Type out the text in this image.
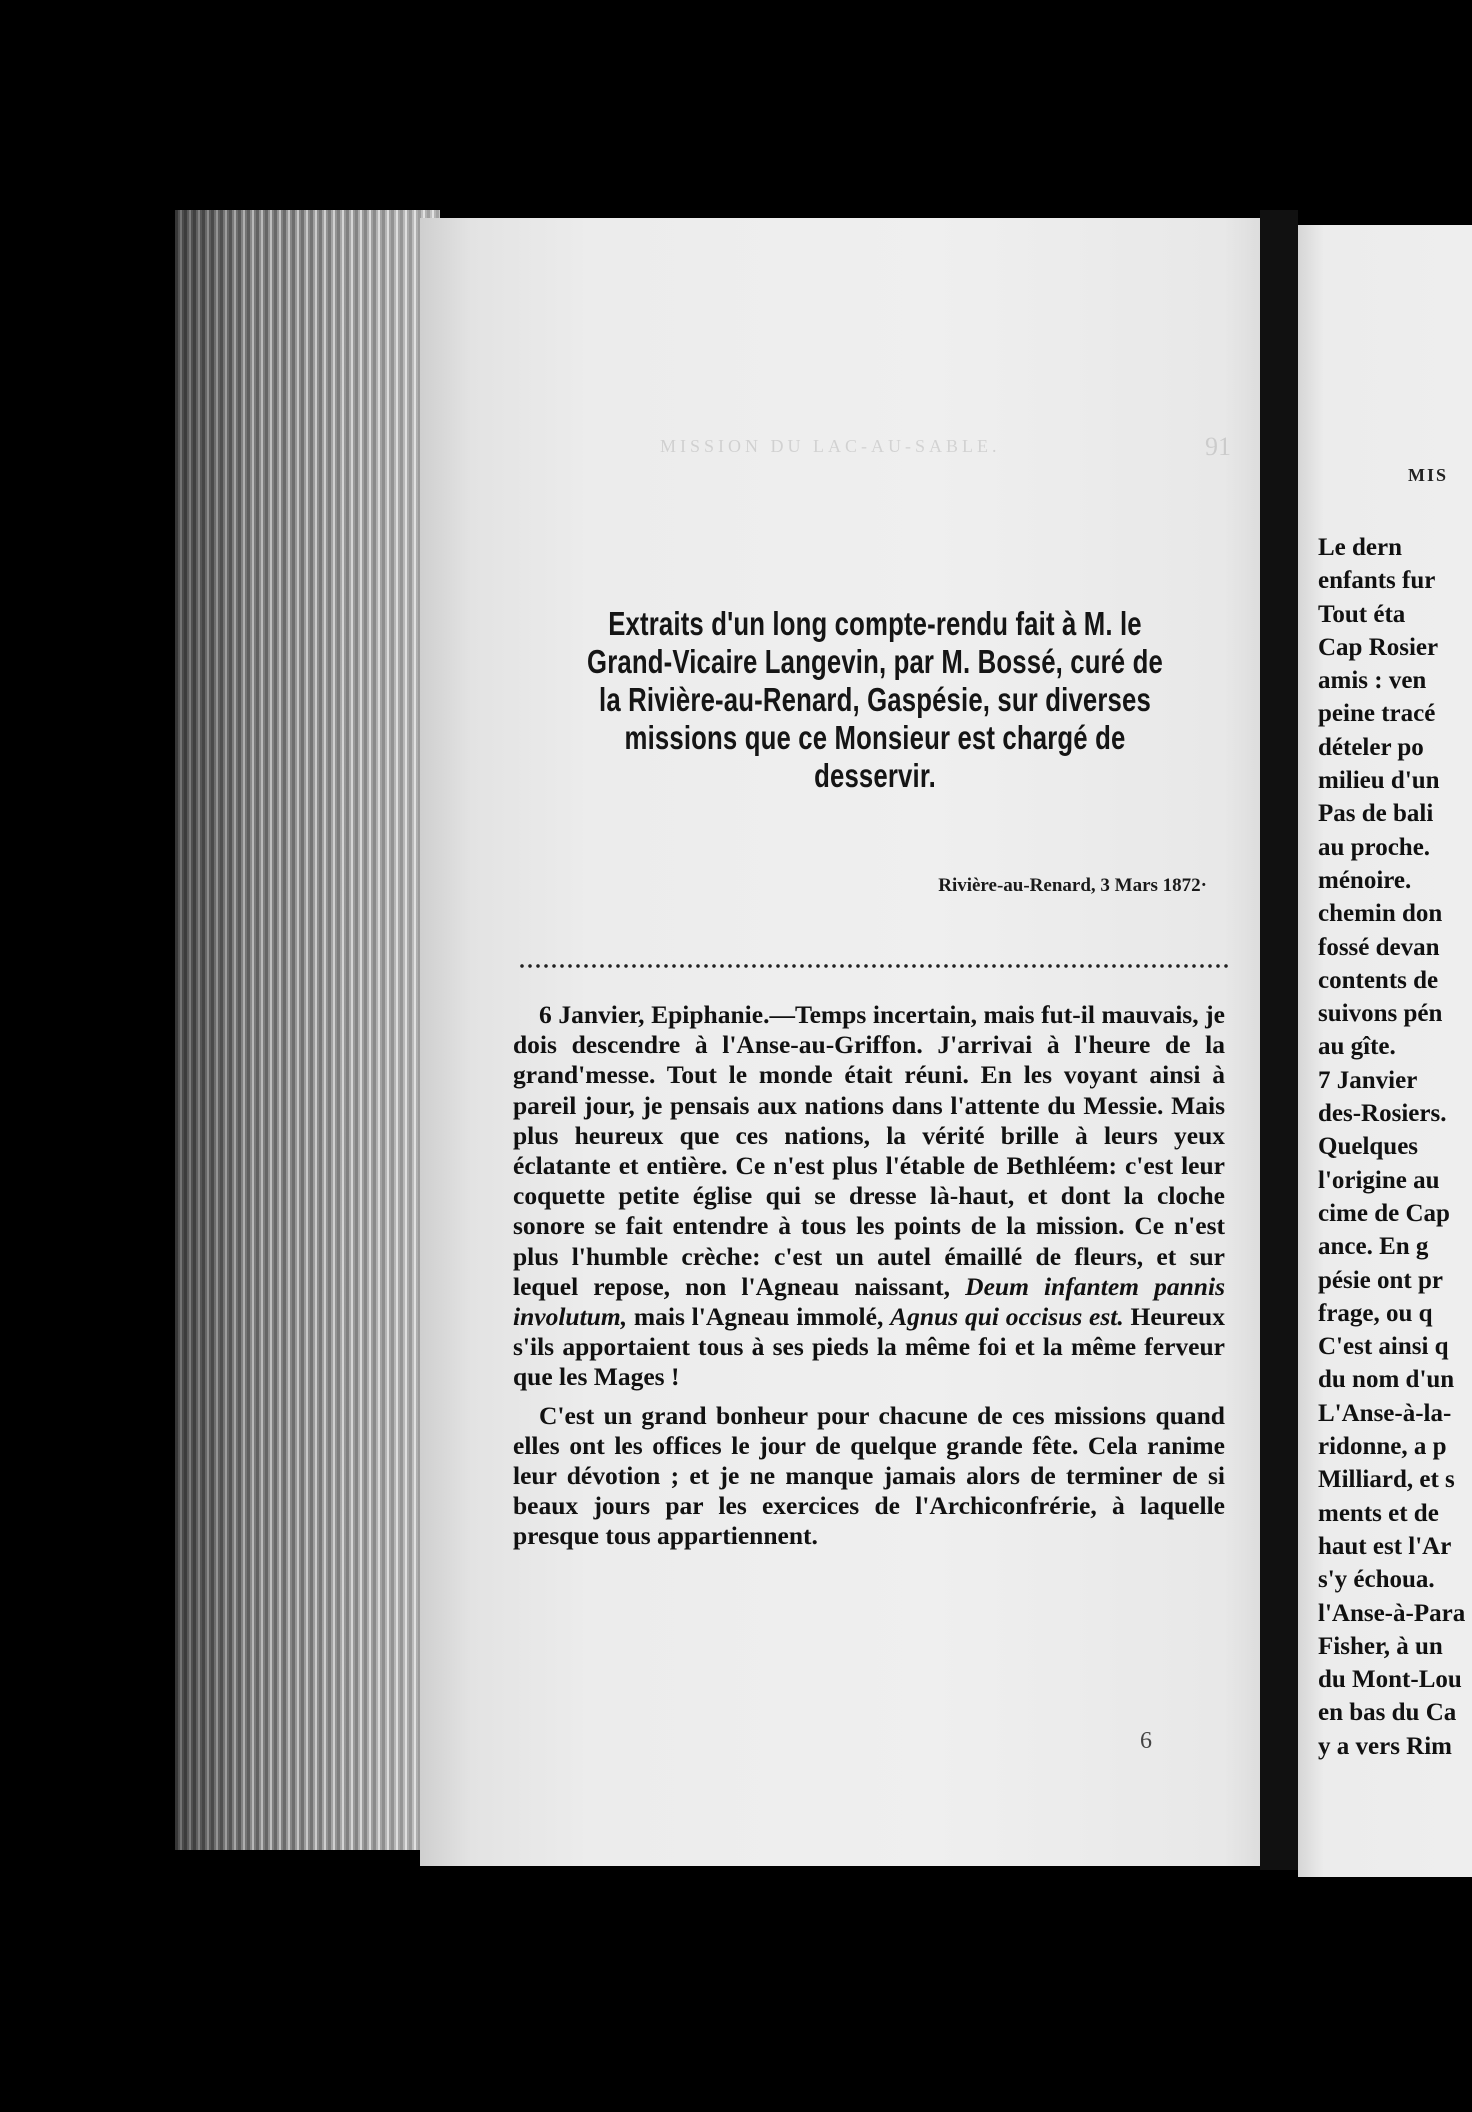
MISSION DU LAC-AU-SABLE.	91
Extraits d'un long compte-rendu fait à M. le Grand-Vicaire Langevin, par M. Bossé, curé de la Rivière-au-Renard, Gaspésie, sur diverses missions que ce Monsieur est chargé de desservir.
Rivière-au-Renard, 3 Mars 1872·

6 Janvier, Epiphanie.—Temps incertain, mais fut-il mauvais, je dois descendre à l'Anse-au-Griffon. J'arrivai à l'heure de la grand'messe. Tout le monde était réuni. En les voyant ainsi à pareil jour, je pensais aux nations dans l'attente du Messie. Mais plus heureux que ces nations, la vérité brille à leurs yeux éclatante et entière. Ce n'est plus l'étable de Bethléem: c'est leur coquette petite église qui se dresse là-haut, et dont la cloche sonore se fait entendre à tous les points de la mission. Ce n'est plus l'humble crèche: c'est un autel émaillé de fleurs, et sur lequel repose, non l'Agneau naissant, Deum infantem pannis involutum, mais l'Agneau immolé, Agnus qui occisus est. Heureux s'ils apportaient tous à ses pieds la même foi et la même ferveur que les Mages !

C'est un grand bonheur pour chacune de ces missions quand elles ont les offices le jour de quelque grande fête. Cela ranime leur dévotion ; et je ne manque jamais alors de terminer de si beaux jours par les exercices de l'Archiconfrérie, à laquelle presque tous appartiennent.

6
MIS
Le dern
enfants fur
Tout éta
Cap Rosier
amis : ven
peine tracé
dételer po
milieu d'un
Pas de bali
au proche.
ménoire.
chemin don
fossé devan
contents de
suivons pén
au gîte.
7 Janvier
des-Rosiers.
Quelques
l'origine au
cime de Cap
ance. En g
pésie ont pr
frage, ou q
C'est ainsi q
du nom d'un
L'Anse-à-la-
ridonne, a p
Milliard, et s
ments et de
haut est l'Ar
s'y échoua.
l'Anse-à-Para
Fisher, à un
du Mont-Lou
en bas du Ca
y a vers Rim
